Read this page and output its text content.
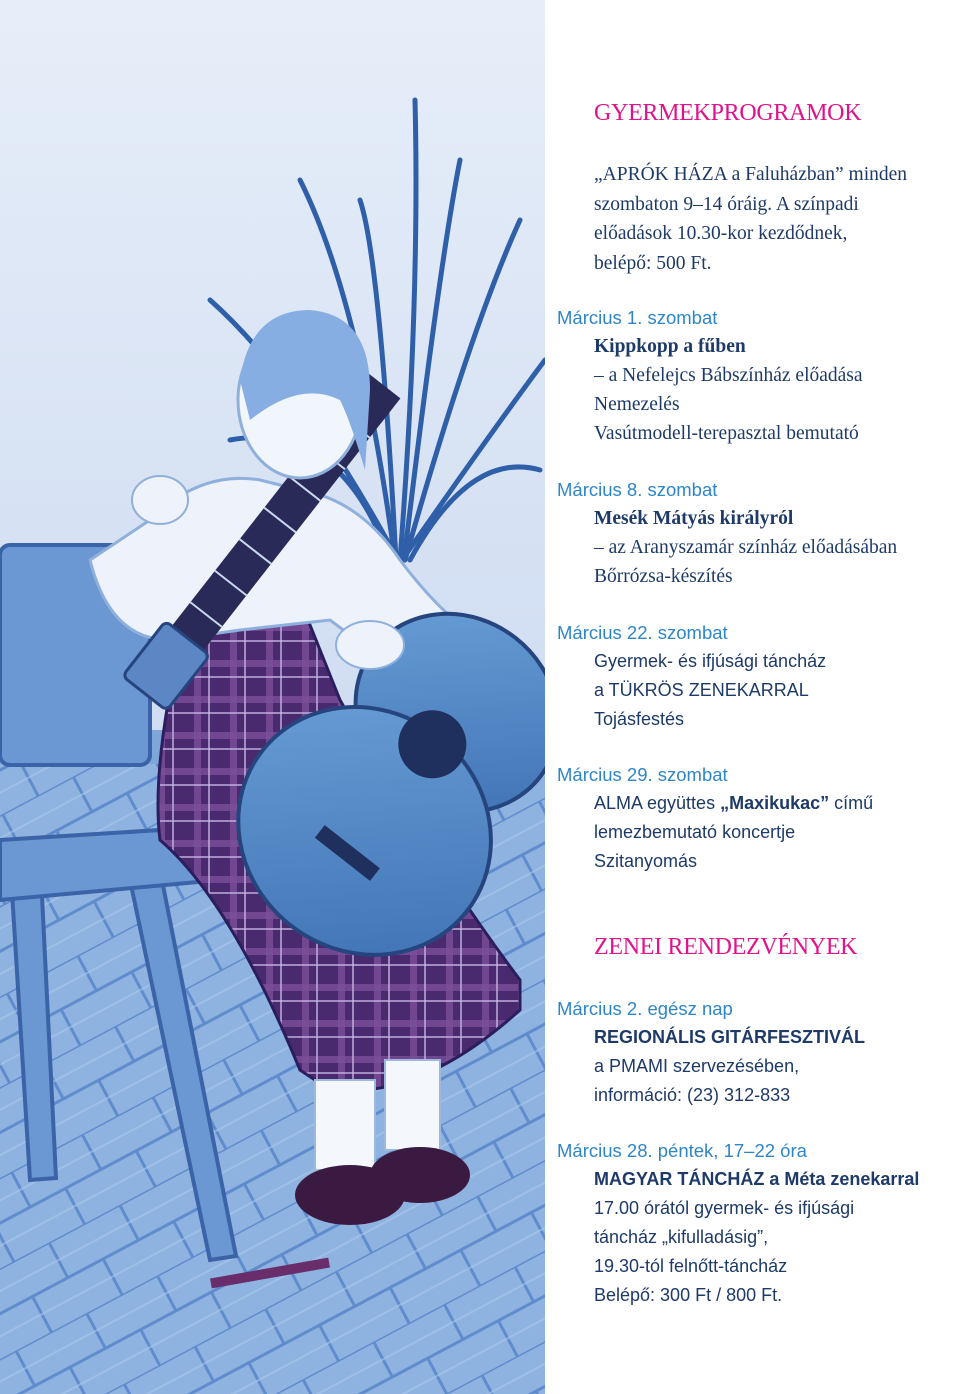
GYERMEKPROGRAMOK
„APRÓK HÁZA a Faluházban” minden
szombaton 9–14 óráig. A színpadi
előadások 10.30-kor kezdődnek,
belépő: 500 Ft.
Március 1. szombat
Kippkopp a fűben
– a Nefelejcs Bábszínház előadása
Nemezelés
Vasútmodell-terepasztal bemutató
Március 8. szombat
Mesék Mátyás királyról
– az Aranyszamár színház előadásában
Bőrrózsa-készítés
Március 22. szombat
Gyermek- és ifjúsági táncház
a TÜKRÖS ZENEKARRAL
Tojásfestés
Március 29. szombat
ALMA együttes „Maxikukac” című
lemezbemutató koncertje
Szitanyomás
ZENEI RENDEZVÉNYEK
Március 2. egész nap
REGIONÁLIS GITÁRFESZTIVÁL
a PMAMI szervezésében,
információ: (23) 312-833
Március 28. péntek, 17–22 óra
MAGYAR TÁNCHÁZ a Méta zenekarral
17.00 órától gyermek- és ifjúsági
táncház „kifulladásig”,
19.30-tól felnőtt-táncház
Belépő: 300 Ft / 800 Ft.
